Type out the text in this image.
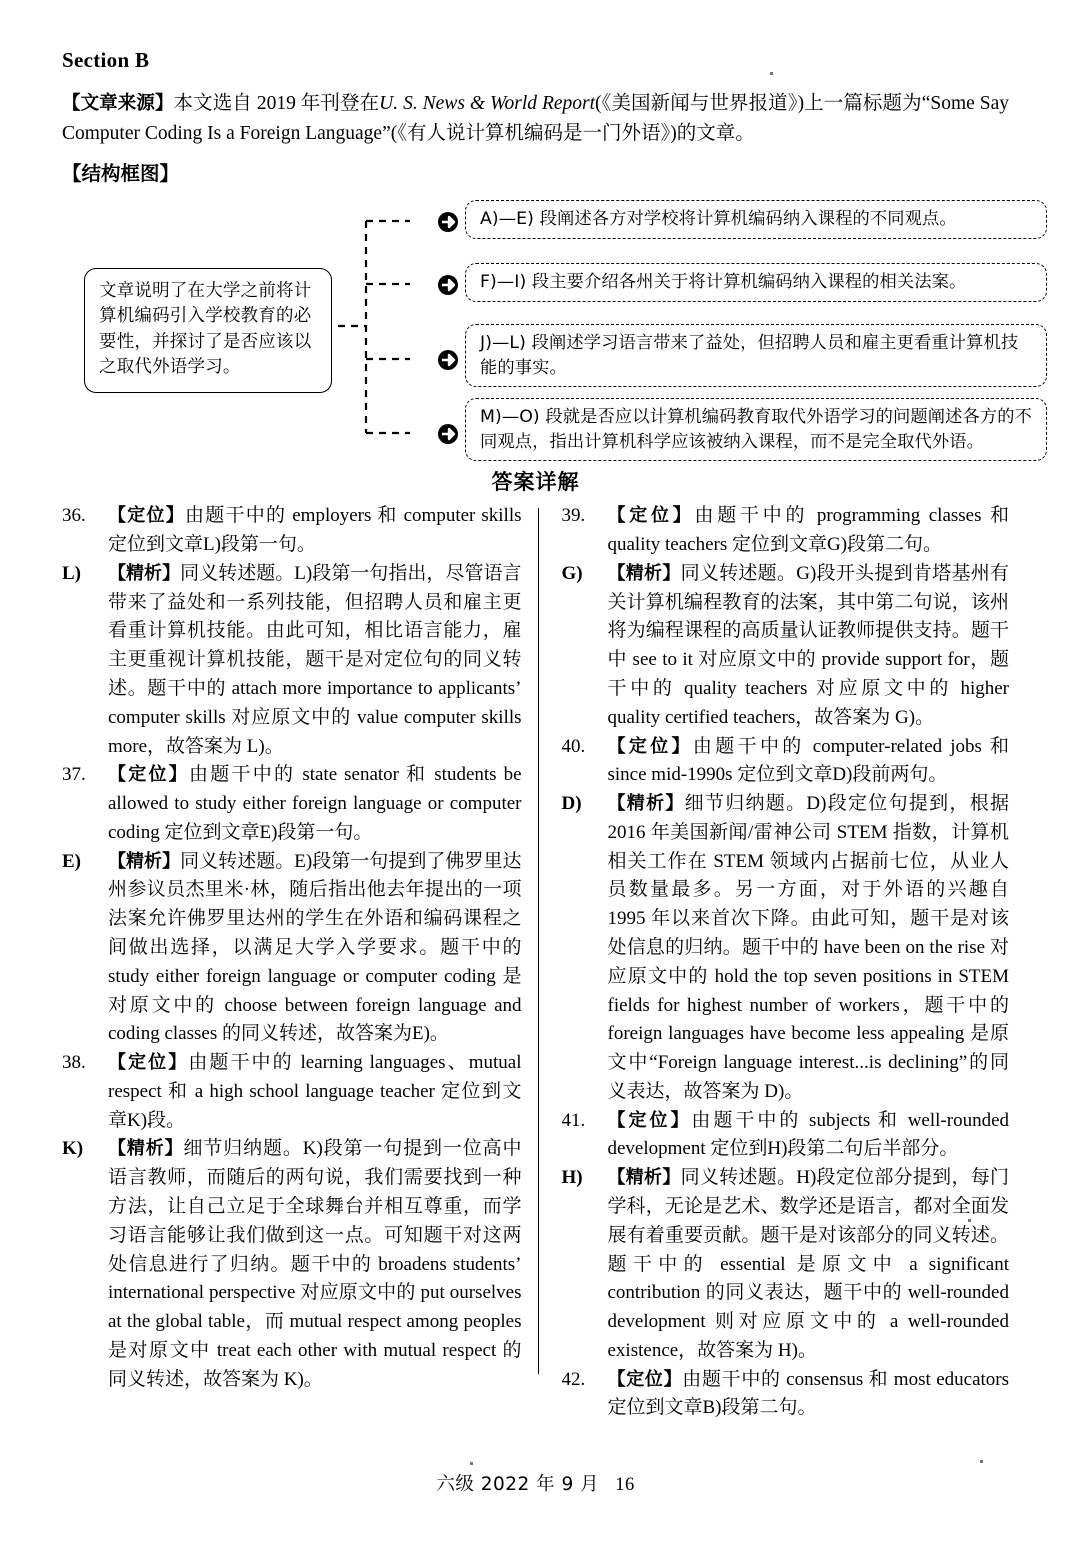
Section B
【文章来源】本文选自 2019 年刊登在U. S. News & World Report(《美国新闻与世界报道》)上一篇标题为“Some Say Computer Coding Is a Foreign Language”(《有人说计算机编码是一门外语》)的文章。
【结构框图】
文章说明了在大学之前将计算机编码引入学校教育的必要性，并探讨了是否应该以之取代外语学习。
A)—E) 段阐述各方对学校将计算机编码纳入课程的不同观点。
F)—I) 段主要介绍各州关于将计算机编码纳入课程的相关法案。
J)—L) 段阐述学习语言带来了益处，但招聘人员和雇主更看重计算机技能的事实。
M)—O) 段就是否应以计算机编码教育取代外语学习的问题阐述各方的不同观点，指出计算机科学应该被纳入课程，而不是完全取代外语。
答案详解
36.	【定位】由题干中的 employers 和 computer skills 定位到文章L)段第一句。
L)	【精析】同义转述题。L)段第一句指出，尽管语言带来了益处和一系列技能，但招聘人员和雇主更看重计算机技能。由此可知，相比语言能力，雇主更重视计算机技能，题干是对定位句的同义转述。题干中的 attach more importance to applicants’ computer skills 对应原文中的 value computer skills more，故答案为 L)。
37.	【定位】由题干中的 state senator 和 students be allowed to study either foreign language or computer coding 定位到文章E)段第一句。
E)	【精析】同义转述题。E)段第一句提到了佛罗里达州参议员杰里米·林，随后指出他去年提出的一项法案允许佛罗里达州的学生在外语和编码课程之间做出选择，以满足大学入学要求。题干中的 study either foreign language or computer coding 是对原文中的 choose between foreign language and coding classes 的同义转述，故答案为E)。
38.	【定位】由题干中的 learning languages、mutual respect 和 a high school language teacher 定位到文章K)段。
K)	【精析】细节归纳题。K)段第一句提到一位高中语言教师，而随后的两句说，我们需要找到一种方法，让自己立足于全球舞台并相互尊重，而学习语言能够让我们做到这一点。可知题干对这两处信息进行了归纳。题干中的 broadens students’ international perspective 对应原文中的 put ourselves at the global table，而 mutual respect among peoples 是对原文中 treat each other with mutual respect 的同义转述，故答案为 K)。
39.	【定位】由题干中的 programming classes 和 quality teachers 定位到文章G)段第二句。
G)	【精析】同义转述题。G)段开头提到肯塔基州有关计算机编程教育的法案，其中第二句说，该州将为编程课程的高质量认证教师提供支持。题干中 see to it 对应原文中的 provide support for，题干中的 quality teachers 对应原文中的 higher quality certified teachers，故答案为 G)。
40.	【定位】由题干中的 computer-related jobs 和 since mid-1990s 定位到文章D)段前两句。
D)	【精析】细节归纳题。D)段定位句提到，根据 2016 年美国新闻/雷神公司 STEM 指数，计算机相关工作在 STEM 领域内占据前七位，从业人员数量最多。另一方面，对于外语的兴趣自 1995 年以来首次下降。由此可知，题干是对该处信息的归纳。题干中的 have been on the rise 对应原文中的 hold the top seven positions in STEM fields for highest number of workers，题干中的 foreign languages have become less appealing 是原文中“Foreign language interest...is declining”的同义表达，故答案为 D)。
41.	【定位】由题干中的 subjects 和 well-rounded development 定位到H)段第二句后半部分。
H)	【精析】同义转述题。H)段定位部分提到，每门学科，无论是艺术、数学还是语言，都对全面发展有着重要贡献。题干是对该部分的同义转述。题干中的 essential 是原文中 a significant contribution 的同义表达，题干中的 well-rounded development 则对应原文中的 a well-rounded existence，故答案为 H)。
42.	【定位】由题干中的 consensus 和 most educators 定位到文章B)段第二句。
六级 2022 年 9 月 16
